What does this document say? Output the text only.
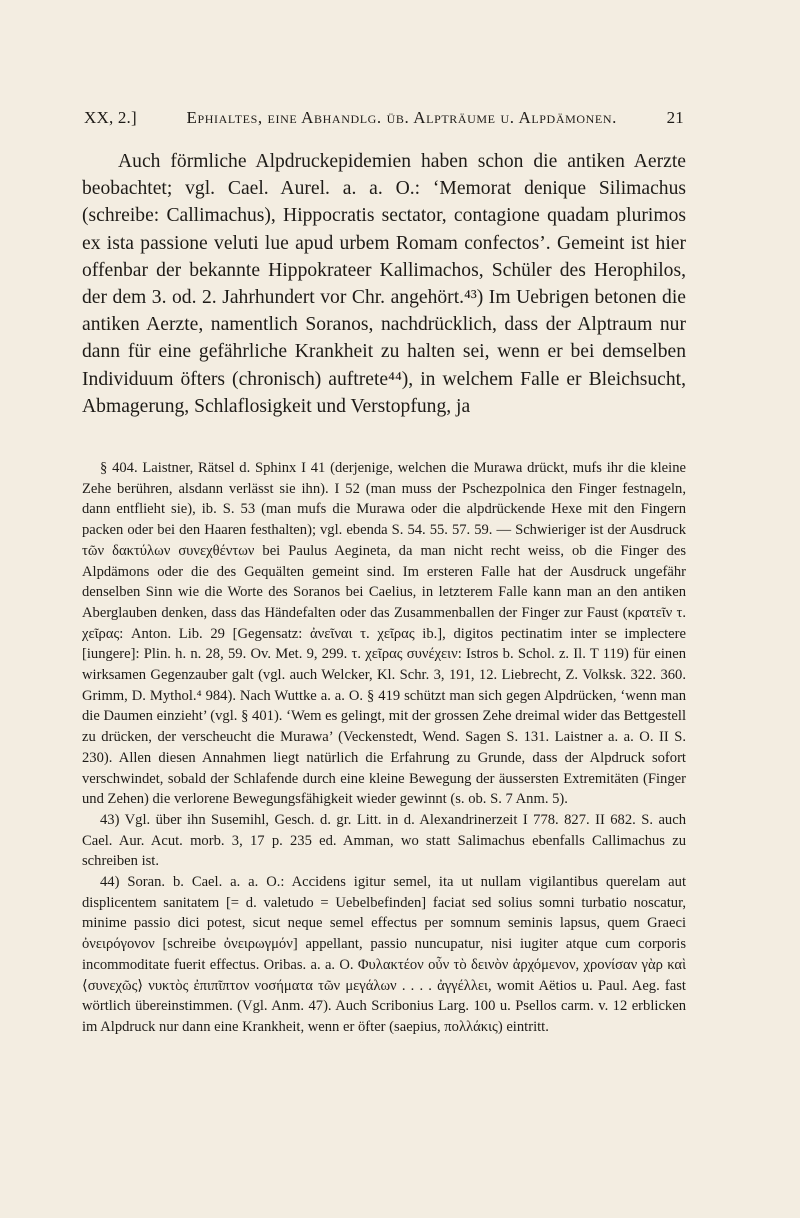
XX, 2.]	Ephialtes, eine Abhandlg. üb. Alpträume u. Alpdämonen.	21

Auch förmliche Alpdruckepidemien haben schon die antiken Aerzte beobachtet; vgl. Cael. Aurel. a. a. O.: ‘Memorat denique Silimachus (schreibe: Callimachus), Hippocratis sectator, contagione quadam plurimos ex ista passione veluti lue apud urbem Romam confectos’. Gemeint ist hier offenbar der bekannte Hippokrateer Kallimachos, Schüler des Herophilos, der dem 3. od. 2. Jahrhundert vor Chr. angehört.⁴³) Im Uebrigen betonen die antiken Aerzte, namentlich Soranos, nachdrücklich, dass der Alptraum nur dann für eine gefährliche Krankheit zu halten sei, wenn er bei demselben Individuum öfters (chronisch) auftrete⁴⁴), in welchem Falle er Bleichsucht, Abmagerung, Schlaflosigkeit und Verstopfung, ja

§ 404. Laistner, Rätsel d. Sphinx I 41 (derjenige, welchen die Murawa drückt, mufs ihr die kleine Zehe berühren, alsdann verlässt sie ihn). I 52 (man muss der Pschezpolnica den Finger festnageln, dann entflieht sie), ib. S. 53 (man mufs die Murawa oder die alpdrückende Hexe mit den Fingern packen oder bei den Haaren festhalten); vgl. ebenda S. 54. 55. 57. 59. — Schwieriger ist der Ausdruck τῶν δακτύλων συνεχθέντων bei Paulus Aegineta, da man nicht recht weiss, ob die Finger des Alpdämons oder die des Gequälten gemeint sind. Im ersteren Falle hat der Ausdruck ungefähr denselben Sinn wie die Worte des Soranos bei Caelius, in letzterem Falle kann man an den antiken Aberglauben denken, dass das Händefalten oder das Zusammenballen der Finger zur Faust (κρατεῖν τ. χεῖρας: Anton. Lib. 29 [Gegensatz: ἀνεῖναι τ. χεῖρας ib.], digitos pectinatim inter se implectere [iungere]: Plin. h. n. 28, 59. Ov. Met. 9, 299. τ. χεῖρας συνέχειν: Istros b. Schol. z. Il. T 119) für einen wirksamen Gegenzauber galt (vgl. auch Welcker, Kl. Schr. 3, 191, 12. Liebrecht, Z. Volksk. 322. 360. Grimm, D. Mythol.⁴ 984). Nach Wuttke a. a. O. § 419 schützt man sich gegen Alpdrücken, ‘wenn man die Daumen einzieht’ (vgl. § 401). ‘Wem es gelingt, mit der grossen Zehe dreimal wider das Bettgestell zu drücken, der verscheucht die Murawa’ (Veckenstedt, Wend. Sagen S. 131. Laistner a. a. O. II S. 230). Allen diesen Annahmen liegt natürlich die Erfahrung zu Grunde, dass der Alpdruck sofort verschwindet, sobald der Schlafende durch eine kleine Bewegung der äussersten Extremitäten (Finger und Zehen) die verlorene Bewegungsfähigkeit wieder gewinnt (s. ob. S. 7 Anm. 5).

43) Vgl. über ihn Susemihl, Gesch. d. gr. Litt. in d. Alexandrinerzeit I 778. 827. II 682. S. auch Cael. Aur. Acut. morb. 3, 17 p. 235 ed. Amman, wo statt Salimachus ebenfalls Callimachus zu schreiben ist.

44) Soran. b. Cael. a. a. O.: Accidens igitur semel, ita ut nullam vigilantibus querelam aut displicentem sanitatem [= d. valetudo = Uebelbefinden] faciat sed solius somni turbatio noscatur, minime passio dici potest, sicut neque semel effectus per somnum seminis lapsus, quem Graeci ὀνειρόγονον [schreibe ὀνειρωγμόν] appellant, passio nuncupatur, nisi iugiter atque cum corporis incommoditate fuerit effectus. Oribas. a. a. O. Φυλακτέον οὖν τὸ δεινὸν ἀρχόμενον, χρονίσαν γὰρ καὶ ⟨συνεχῶς⟩ νυκτὸς ἐπιπῖπτον νοσήματα τῶν μεγάλων . . . . ἀγγέλλει, womit Aëtios u. Paul. Aeg. fast wörtlich übereinstimmen. (Vgl. Anm. 47). Auch Scribonius Larg. 100 u. Psellos carm. v. 12 erblicken im Alpdruck nur dann eine Krankheit, wenn er öfter (saepius, πολλάκις) eintritt.
